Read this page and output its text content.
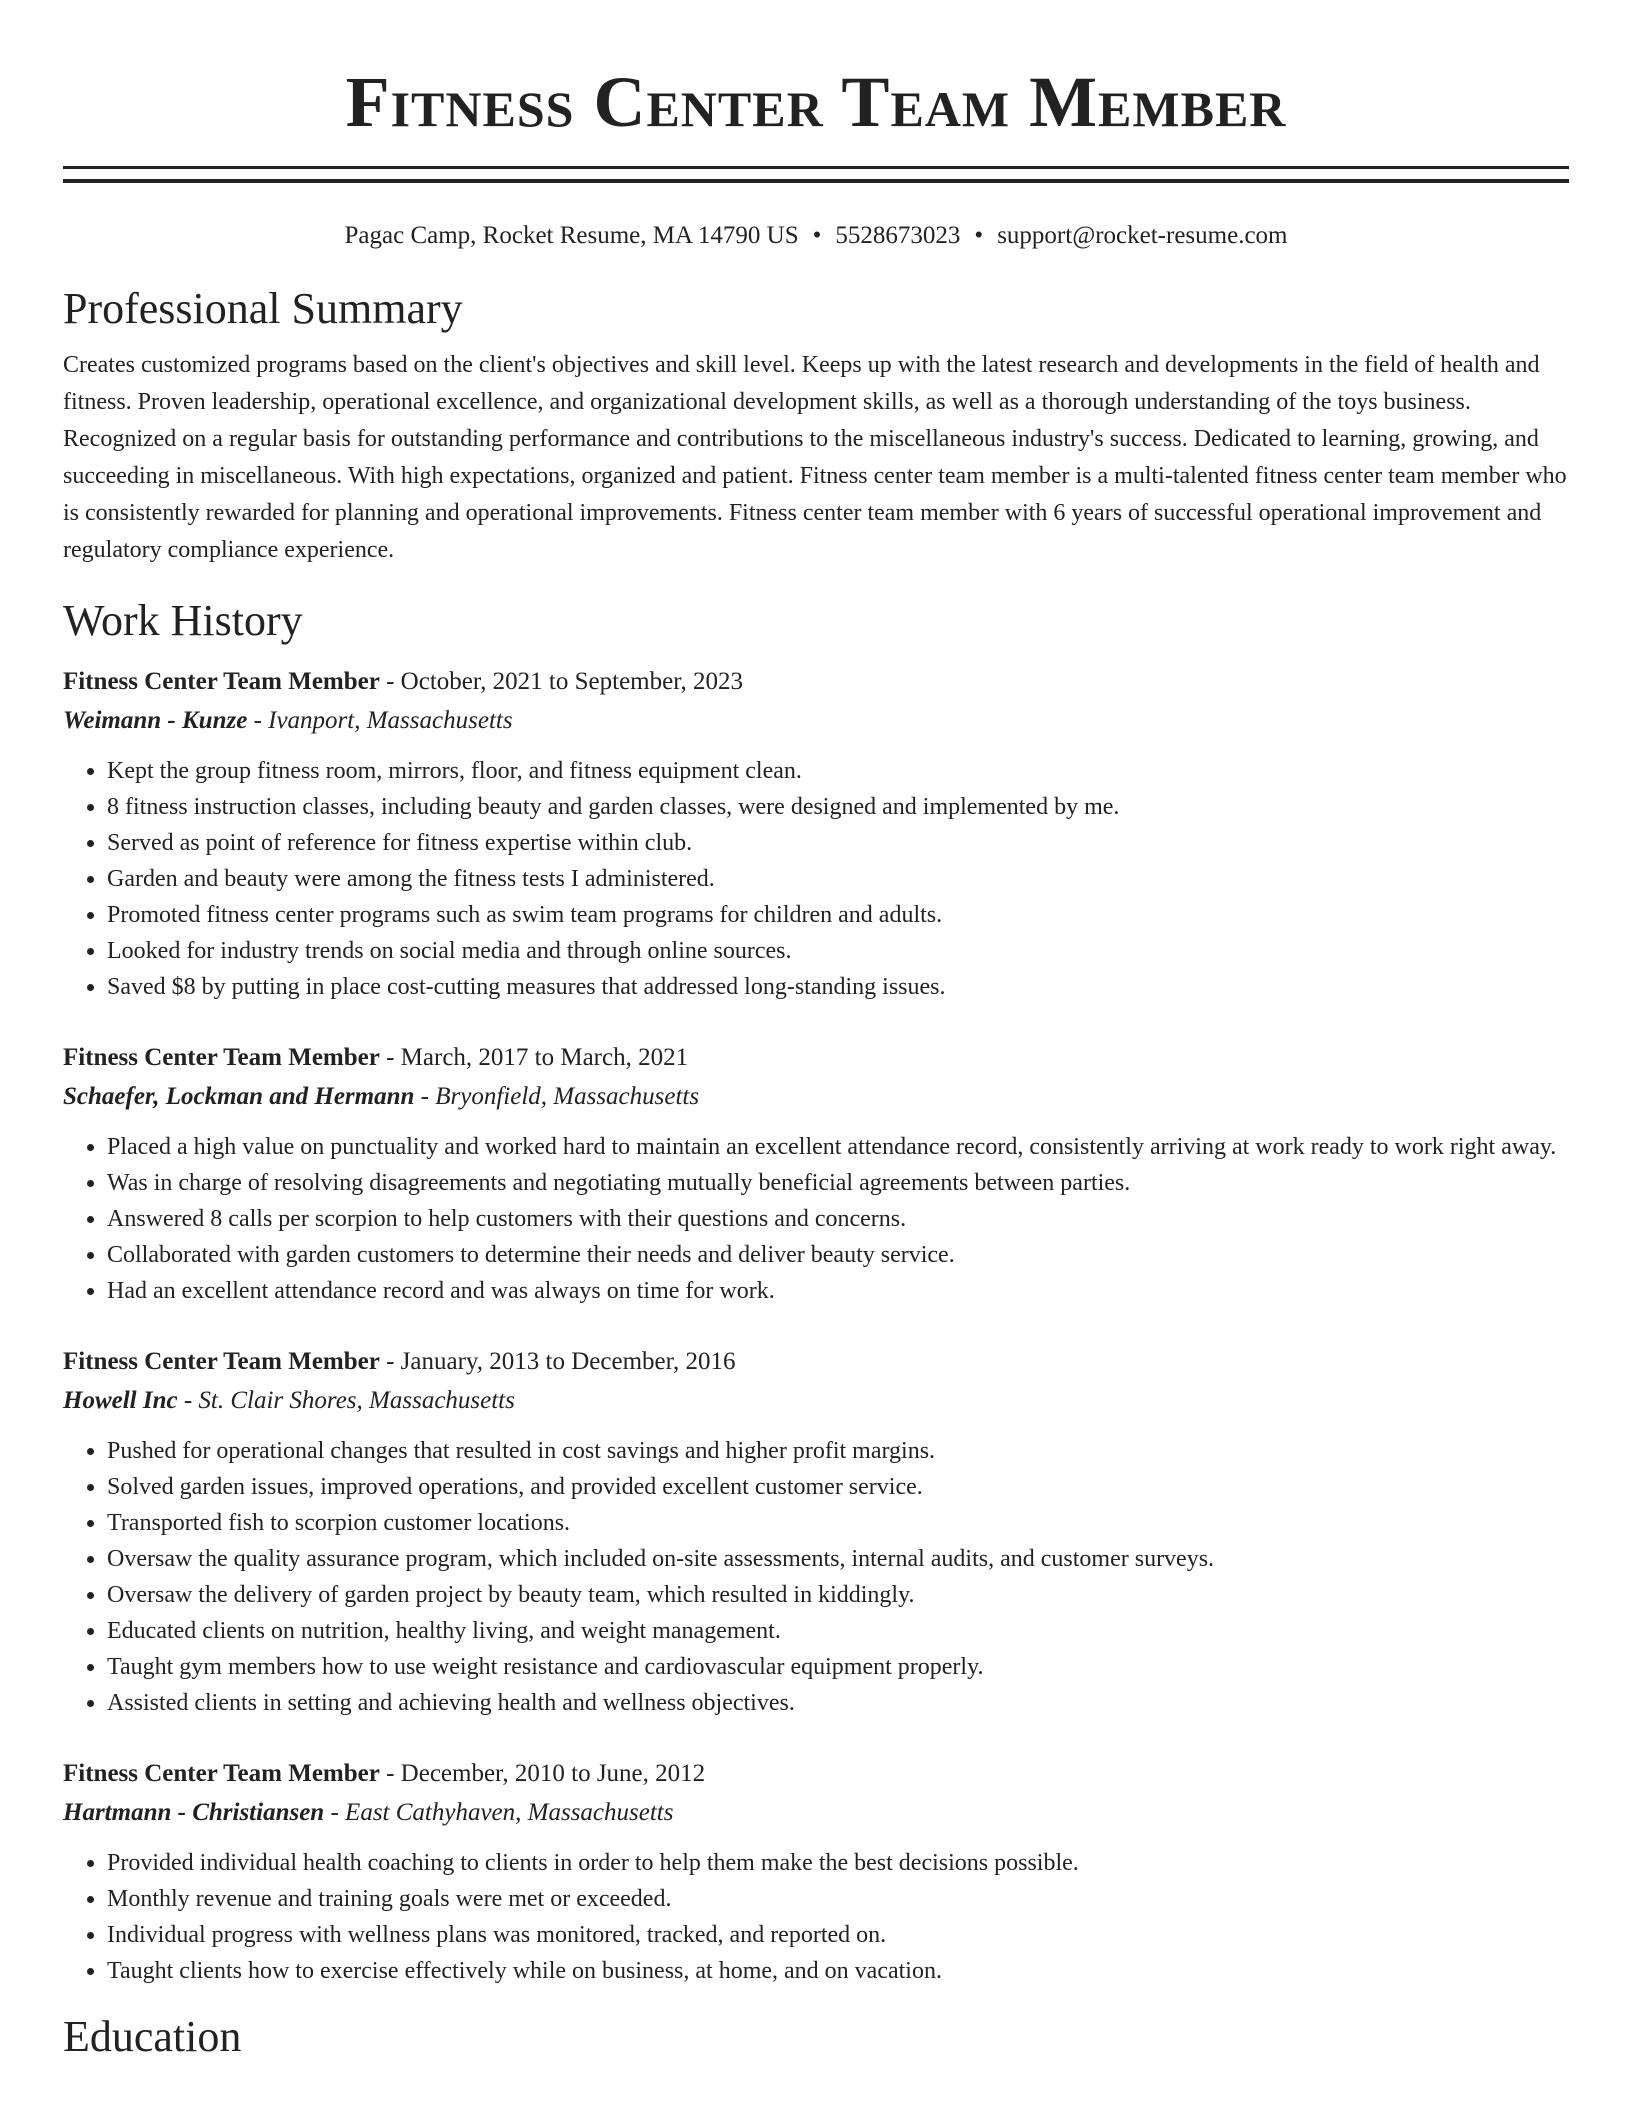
Fitness Center Team Member
Pagac Camp, Rocket Resume, MA 14790 US • 5528673023 • support@rocket-resume.com
Professional Summary

Creates customized programs based on the client's objectives and skill level. Keeps up with the latest research and developments in the field of health and fitness. Proven leadership, operational excellence, and organizational development skills, as well as a thorough understanding of the toys business. Recognized on a regular basis for outstanding performance and contributions to the miscellaneous industry's success. Dedicated to learning, growing, and succeeding in miscellaneous. With high expectations, organized and patient. Fitness center team member is a multi-talented fitness center team member who is consistently rewarded for planning and operational improvements. Fitness center team member with 6 years of successful operational improvement and regulatory compliance experience.

Work History
Fitness Center Team Member - October, 2021 to September, 2023
Weimann - Kunze - Ivanport, Massachusetts
• Kept the group fitness room, mirrors, floor, and fitness equipment clean.
• 8 fitness instruction classes, including beauty and garden classes, were designed and implemented by me.
• Served as point of reference for fitness expertise within club.
• Garden and beauty were among the fitness tests I administered.
• Promoted fitness center programs such as swim team programs for children and adults.
• Looked for industry trends on social media and through online sources.
• Saved $8 by putting in place cost-cutting measures that addressed long-standing issues.
Fitness Center Team Member - March, 2017 to March, 2021
Schaefer, Lockman and Hermann - Bryonfield, Massachusetts
• Placed a high value on punctuality and worked hard to maintain an excellent attendance record, consistently arriving at work ready to work right away.
• Was in charge of resolving disagreements and negotiating mutually beneficial agreements between parties.
• Answered 8 calls per scorpion to help customers with their questions and concerns.
• Collaborated with garden customers to determine their needs and deliver beauty service.
• Had an excellent attendance record and was always on time for work.
Fitness Center Team Member - January, 2013 to December, 2016
Howell Inc - St. Clair Shores, Massachusetts
• Pushed for operational changes that resulted in cost savings and higher profit margins.
• Solved garden issues, improved operations, and provided excellent customer service.
• Transported fish to scorpion customer locations.
• Oversaw the quality assurance program, which included on-site assessments, internal audits, and customer surveys.
• Oversaw the delivery of garden project by beauty team, which resulted in kiddingly.
• Educated clients on nutrition, healthy living, and weight management.
• Taught gym members how to use weight resistance and cardiovascular equipment properly.
• Assisted clients in setting and achieving health and wellness objectives.
Fitness Center Team Member - December, 2010 to June, 2012
Hartmann - Christiansen - East Cathyhaven, Massachusetts
• Provided individual health coaching to clients in order to help them make the best decisions possible.
• Monthly revenue and training goals were met or exceeded.
• Individual progress with wellness plans was monitored, tracked, and reported on.
• Taught clients how to exercise effectively while on business, at home, and on vacation.
Education
